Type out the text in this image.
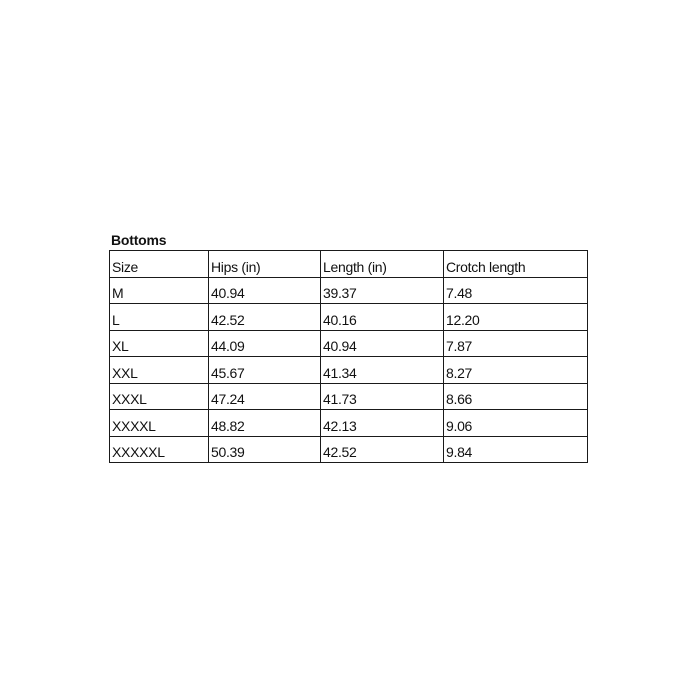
Bottoms
Size	Hips (in)	Length (in)	Crotch length
M	40.94	39.37	7.48
L	42.52	40.16	12.20
XL	44.09	40.94	7.87
XXL	45.67	41.34	8.27
XXXL	47.24	41.73	8.66
XXXXL	48.82	42.13	9.06
XXXXXL	50.39	42.52	9.84
